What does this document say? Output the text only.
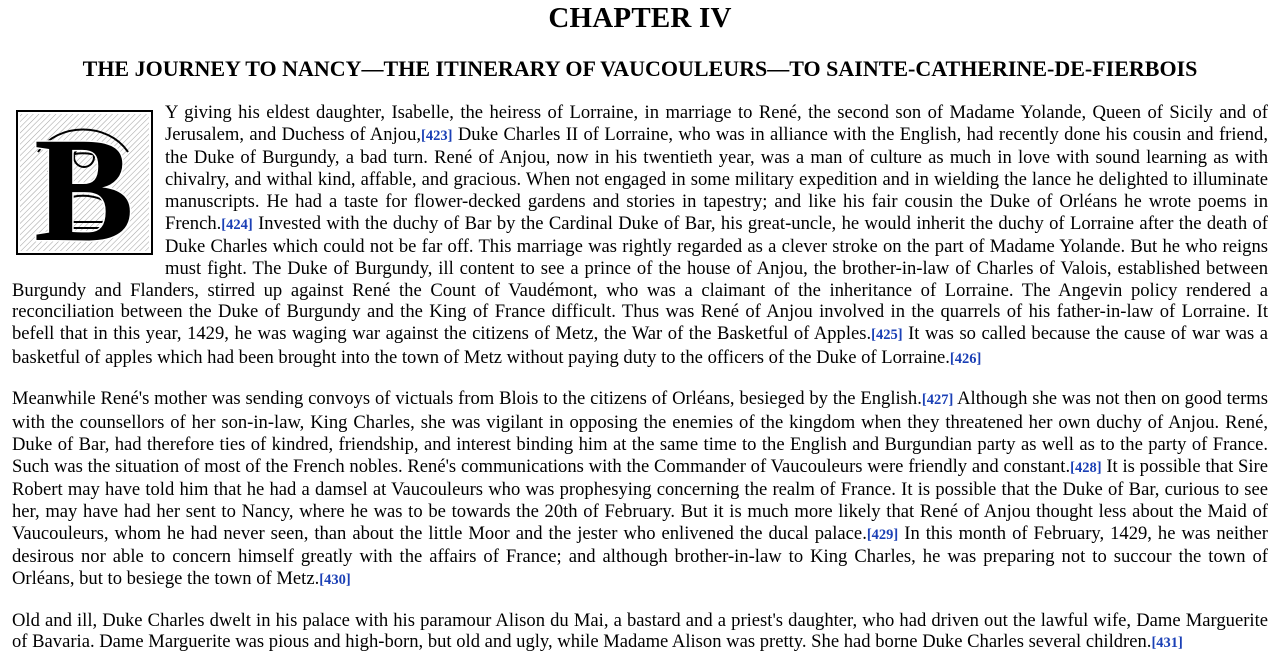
CHAPTER IV
THE JOURNEY TO NANCY—THE ITINERARY OF VAUCOULEURS—TO SAINTE-CATHERINE-DE-FIERBOIS

B Y giving his eldest daughter, Isabelle, the heiress of Lorraine, in marriage to René, the second son of Madame Yolande, Queen of Sicily and of Jerusalem, and Duchess of Anjou,[423] Duke Charles II of Lorraine, who was in alliance with the English, had recently done his cousin and friend, the Duke of Burgundy, a bad turn. René of Anjou, now in his twentieth year, was a man of culture as much in love with sound learning as with chivalry, and withal kind, affable, and gracious. When not engaged in some military expedition and in wielding the lance he delighted to illuminate manuscripts. He had a taste for flower-decked gardens and stories in tapestry; and like his fair cousin the Duke of Orléans he wrote poems in French.[424] Invested with the duchy of Bar by the Cardinal Duke of Bar, his great-uncle, he would inherit the duchy of Lorraine after the death of Duke Charles which could not be far off. This marriage was rightly regarded as a clever stroke on the part of Madame Yolande. But he who reigns must fight. The Duke of Burgundy, ill content to see a prince of the house of Anjou, the brother-in-law of Charles of Valois, established between Burgundy and Flanders, stirred up against René the Count of Vaudémont, who was a claimant of the inheritance of Lorraine. The Angevin policy rendered a reconciliation between the Duke of Burgundy and the King of France difficult. Thus was René of Anjou involved in the quarrels of his father-in-law of Lorraine. It befell that in this year, 1429, he was waging war against the citizens of Metz, the War of the Basketful of Apples.[425] It was so called because the cause of war was a basketful of apples which had been brought into the town of Metz without paying duty to the officers of the Duke of Lorraine.[426]

Meanwhile René's mother was sending convoys of victuals from Blois to the citizens of Orléans, besieged by the English.[427] Although she was not then on good terms with the counsellors of her son-in-law, King Charles, she was vigilant in opposing the enemies of the kingdom when they threatened her own duchy of Anjou. René, Duke of Bar, had therefore ties of kindred, friendship, and interest binding him at the same time to the English and Burgundian party as well as to the party of France. Such was the situation of most of the French nobles. René's communications with the Commander of Vaucouleurs were friendly and constant.[428] It is possible that Sire Robert may have told him that he had a damsel at Vaucouleurs who was prophesying concerning the realm of France. It is possible that the Duke of Bar, curious to see her, may have had her sent to Nancy, where he was to be towards the 20th of February. But it is much more likely that René of Anjou thought less about the Maid of Vaucouleurs, whom he had never seen, than about the little Moor and the jester who enlivened the ducal palace.[429] In this month of February, 1429, he was neither desirous nor able to concern himself greatly with the affairs of France; and although brother-in-law to King Charles, he was preparing not to succour the town of Orléans, but to besiege the town of Metz.[430]

Old and ill, Duke Charles dwelt in his palace with his paramour Alison du Mai, a bastard and a priest's daughter, who had driven out the lawful wife, Dame Marguerite of Bavaria. Dame Marguerite was pious and high-born, but old and ugly, while Madame Alison was pretty. She had borne Duke Charles several children.[431]
